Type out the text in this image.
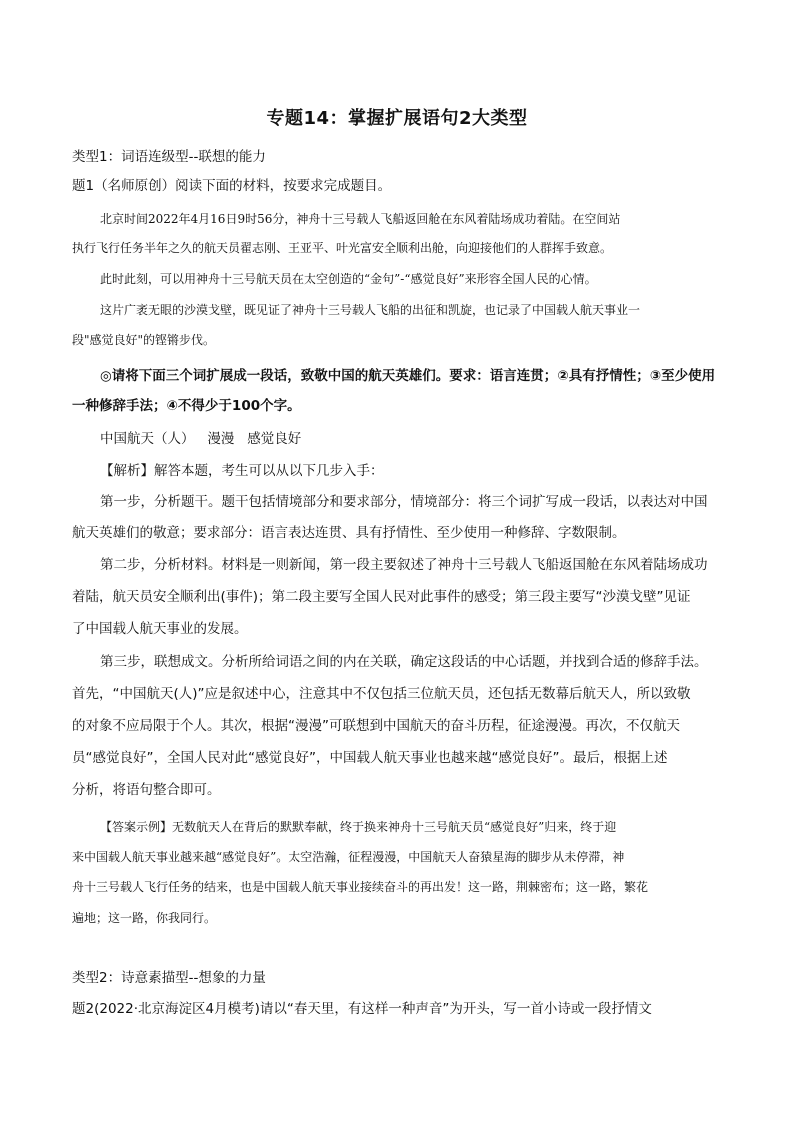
专题14：掌握扩展语句2大类型
类型1：词语连级型--联想的能力
题1（名师原创）阅读下面的材料，按要求完成题目。
北京时间2022年4月16日9时56分，神舟十三号载人飞船返回舱在东风着陆场成功着陆。在空间站
执行飞行任务半年之久的航天员翟志刚、王亚平、叶光富安全顺利出舱，向迎接他们的人群挥手致意。
此时此刻，可以用神舟十三号航天员在太空创造的“金句”-“感觉良好”来形容全国人民的心情。
这片广袤无眼的沙漠戈壁，既见证了神舟十三号载人飞船的出征和凯旋，也记录了中国载人航天事业一
段"感觉良好"的铿锵步伐。
◎请将下面三个词扩展成一段话，致敬中国的航天英雄们。要求：语言连贯；②具有抒情性；③至少使用
一种修辞手法；④不得少于100个字。
中国航天（人）   漫漫   感觉良好
【解析】解答本题，考生可以从以下几步入手：
第一步，分析题干。题干包括情境部分和要求部分，情境部分：将三个词扩写成一段话，以表达对中国
航天英雄们的敬意；要求部分：语言表达连贯、具有抒情性、至少使用一种修辞、字数限制。
第二步，分析材料。材料是一则新闻，第一段主要叙述了神舟十三号载人飞船返国舱在东风着陆场成功
着陆，航天员安全顺利出(事件)；第二段主要写全国人民对此事件的感受；第三段主要写“沙漠戈壁”见证
了中国载人航天事业的发展。
第三步，联想成文。分析所给词语之间的内在关联，确定这段话的中心话题，并找到合适的修辞手法。
首先，“中国航天(人)”应是叙述中心，注意其中不仅包括三位航天员，还包括无数幕后航天人，所以致敬
的对象不应局限于个人。其次，根据“漫漫”可联想到中国航天的奋斗历程，征途漫漫。再次，不仅航天
员“感觉良好”，全国人民对此“感觉良好”，中国载人航天事业也越来越“感觉良好”。最后，根据上述
分析，将语句整合即可。
【答案示例】无数航天人在背后的默默奉献，终于换来神舟十三号航天员“感觉良好”归来，终于迎
来中国载人航天事业越来越“感觉良好”。太空浩瀚，征程漫漫，中国航天人奋猿星海的脚步从未停滞，神
舟十三号载人飞行任务的结来，也是中国载人航天事业接续奋斗的再出发！这一路，荆棘密布；这一路，繁花
遍地；这一路，你我同行。
类型2：诗意素描型--想象的力量
题2(2022·北京海淀区4月模考)请以“春天里，有这样一种声音”为开头，写一首小诗或一段抒情文
